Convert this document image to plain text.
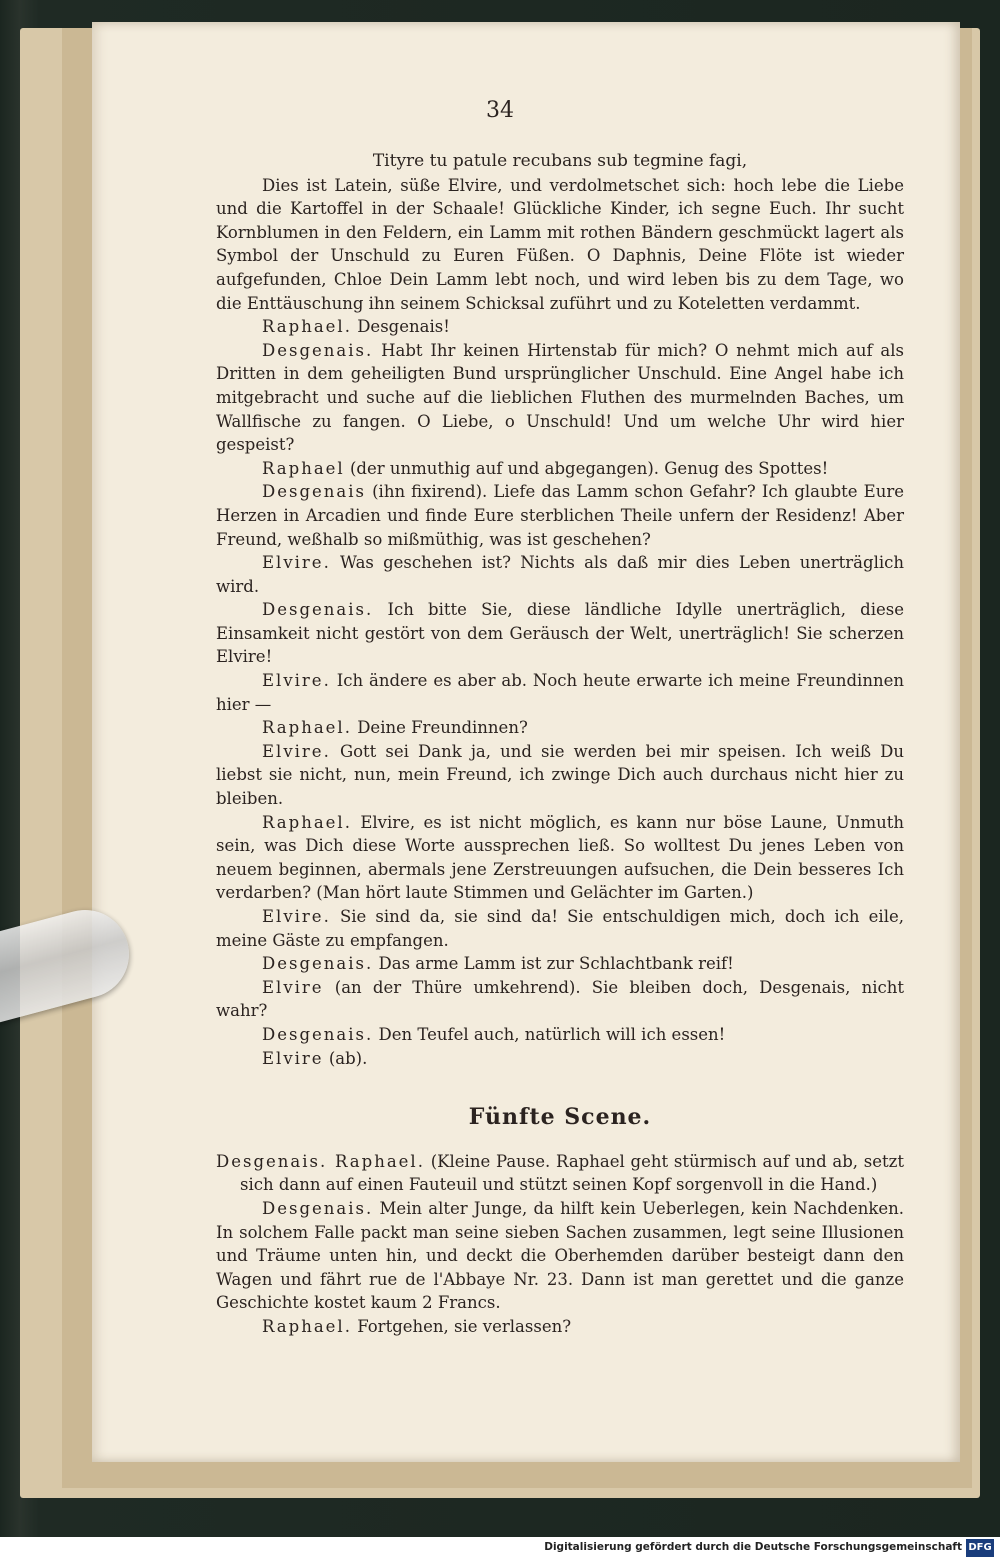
34

Tityre tu patule recubans sub tegmine fagi,

Dies ist Latein, süße Elvire, und verdolmetschet sich: hoch lebe die Liebe und die Kartoffel in der Schaale! Glückliche Kinder, ich segne Euch. Ihr sucht Kornblumen in den Feldern, ein Lamm mit rothen Bändern geschmückt lagert als Symbol der Unschuld zu Euren Füßen. O Daphnis, Deine Flöte ist wieder aufgefunden, Chloe Dein Lamm lebt noch, und wird leben bis zu dem Tage, wo die Enttäuschung ihn seinem Schicksal zuführt und zu Koteletten verdammt.

Raphael. Desgenais!

Desgenais. Habt Ihr keinen Hirtenstab für mich? O nehmt mich auf als Dritten in dem geheiligten Bund ursprünglicher Unschuld. Eine Angel habe ich mitgebracht und suche auf die lieblichen Fluthen des murmelnden Baches, um Wallfische zu fangen. O Liebe, o Unschuld! Und um welche Uhr wird hier gespeist?

Raphael (der unmuthig auf und abgegangen). Genug des Spottes!

Desgenais (ihn fixirend). Liefe das Lamm schon Gefahr? Ich glaubte Eure Herzen in Arcadien und finde Eure sterblichen Theile unfern der Residenz! Aber Freund, weßhalb so mißmüthig, was ist geschehen?

Elvire. Was geschehen ist? Nichts als daß mir dies Leben unerträglich wird.

Desgenais. Ich bitte Sie, diese ländliche Idylle unerträglich, diese Einsamkeit nicht gestört von dem Geräusch der Welt, unerträglich! Sie scherzen Elvire!

Elvire. Ich ändere es aber ab. Noch heute erwarte ich meine Freundinnen hier —

Raphael. Deine Freundinnen?

Elvire. Gott sei Dank ja, und sie werden bei mir speisen. Ich weiß Du liebst sie nicht, nun, mein Freund, ich zwinge Dich auch durchaus nicht hier zu bleiben.

Raphael. Elvire, es ist nicht möglich, es kann nur böse Laune, Unmuth sein, was Dich diese Worte aussprechen ließ. So wolltest Du jenes Leben von neuem beginnen, abermals jene Zerstreuungen aufsuchen, die Dein besseres Ich verdarben? (Man hört laute Stimmen und Gelächter im Garten.)

Elvire. Sie sind da, sie sind da! Sie entschuldigen mich, doch ich eile, meine Gäste zu empfangen.

Desgenais. Das arme Lamm ist zur Schlachtbank reif!

Elvire (an der Thüre umkehrend). Sie bleiben doch, Desgenais, nicht wahr?

Desgenais. Den Teufel auch, natürlich will ich essen!

Elvire (ab).

Fünfte Scene.

Desgenais. Raphael. (Kleine Pause. Raphael geht stürmisch auf und ab, setzt sich dann auf einen Fauteuil und stützt seinen Kopf sorgenvoll in die Hand.)

Desgenais. Mein alter Junge, da hilft kein Ueberlegen, kein Nachdenken. In solchem Falle packt man seine sieben Sachen zusammen, legt seine Illusionen und Träume unten hin, und deckt die Oberhemden darüber besteigt dann den Wagen und fährt rue de l'Abbaye Nr. 23. Dann ist man gerettet und die ganze Geschichte kostet kaum 2 Francs.

Raphael. Fortgehen, sie verlassen?

Digitalisierung gefördert durch die Deutsche Forschungsgemeinschaft DFG
